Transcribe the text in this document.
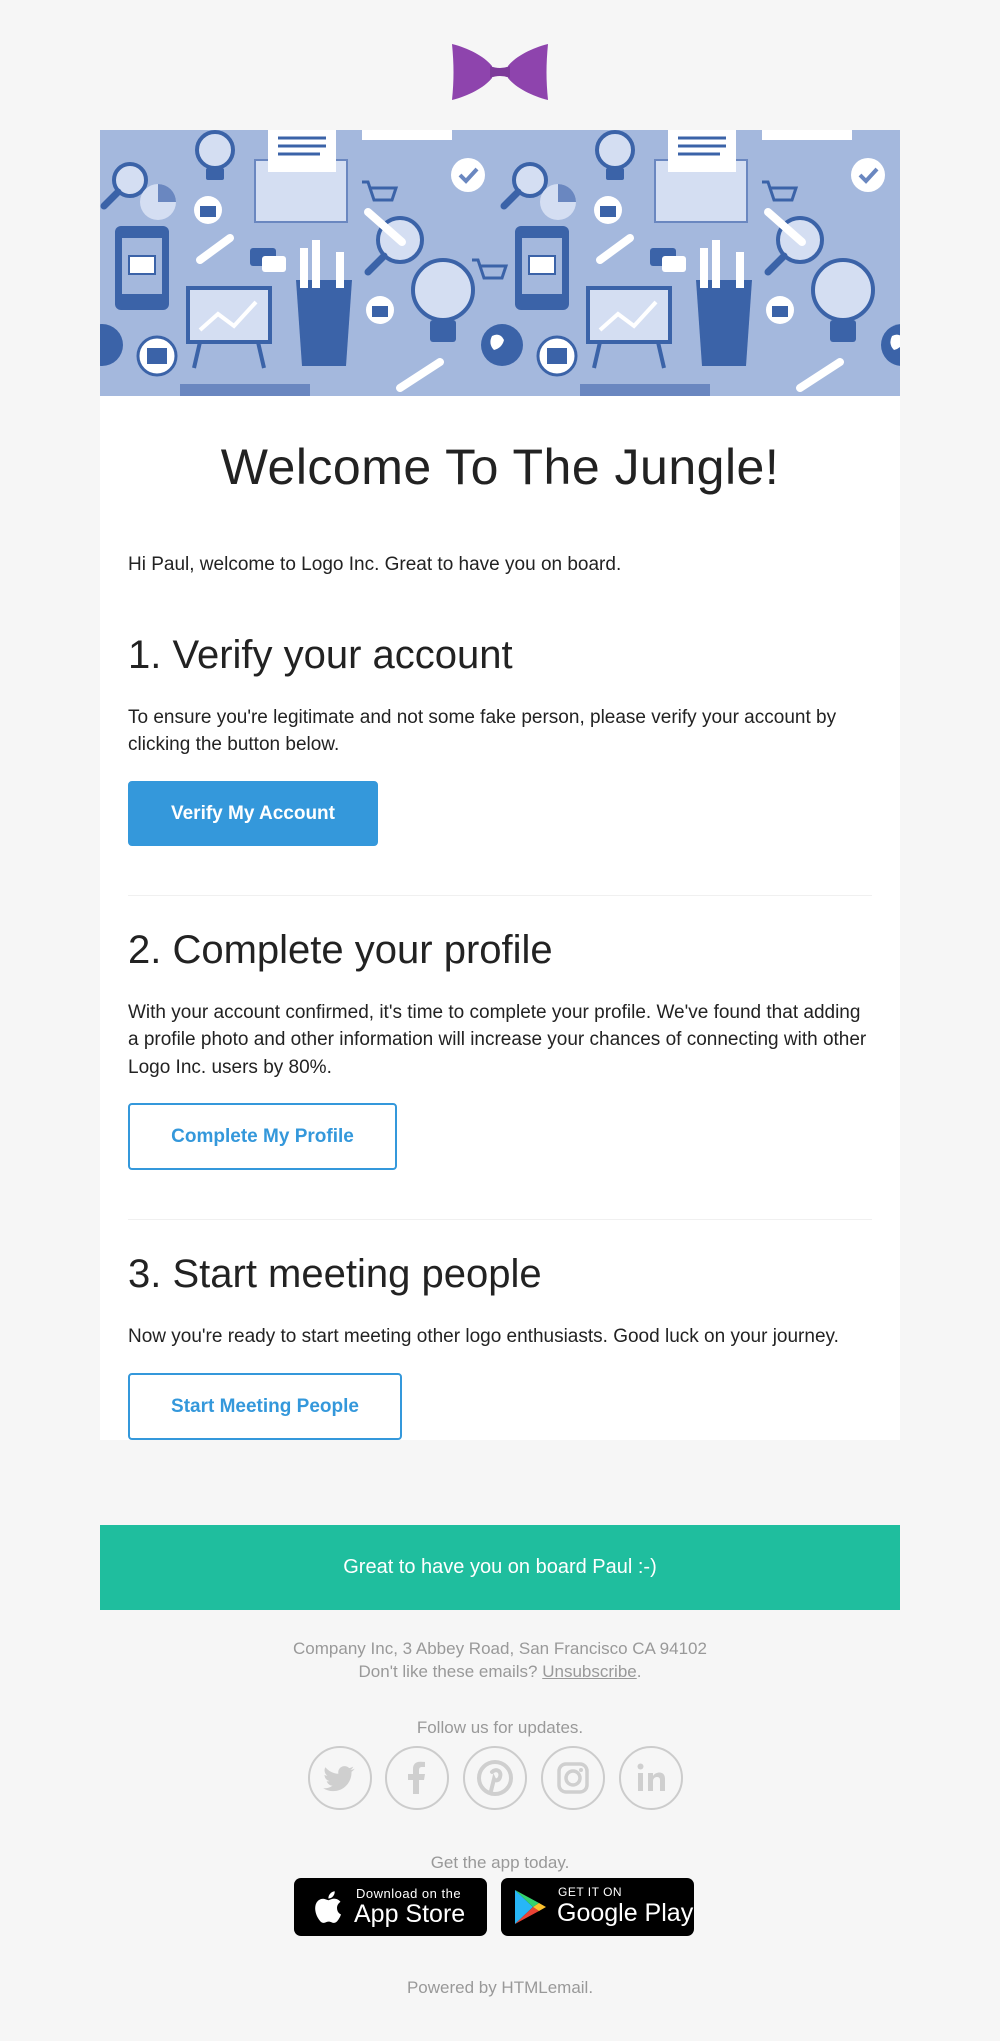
Welcome To The Jungle!

Hi Paul, welcome to Logo Inc. Great to have you on board.

1. Verify your account

To ensure you're legitimate and not some fake person, please verify your account by clicking the button below.

Verify My Account
2. Complete your profile

With your account confirmed, it's time to complete your profile. We've found that adding a profile photo and other information will increase your chances of connecting with other Logo Inc. users by 80%.

Complete My Profile
3. Start meeting people

Now you're ready to start meeting other logo enthusiasts. Good luck on your journey.

Start Meeting People
Great to have you on board Paul :-)
Company Inc, 3 Abbey Road, San Francisco CA 94102
Don't like these emails? Unsubscribe.
Follow us for updates.
Get the app today.
Download on the
App Store
GET IT ON
Google Play
Powered by HTMLemail.
